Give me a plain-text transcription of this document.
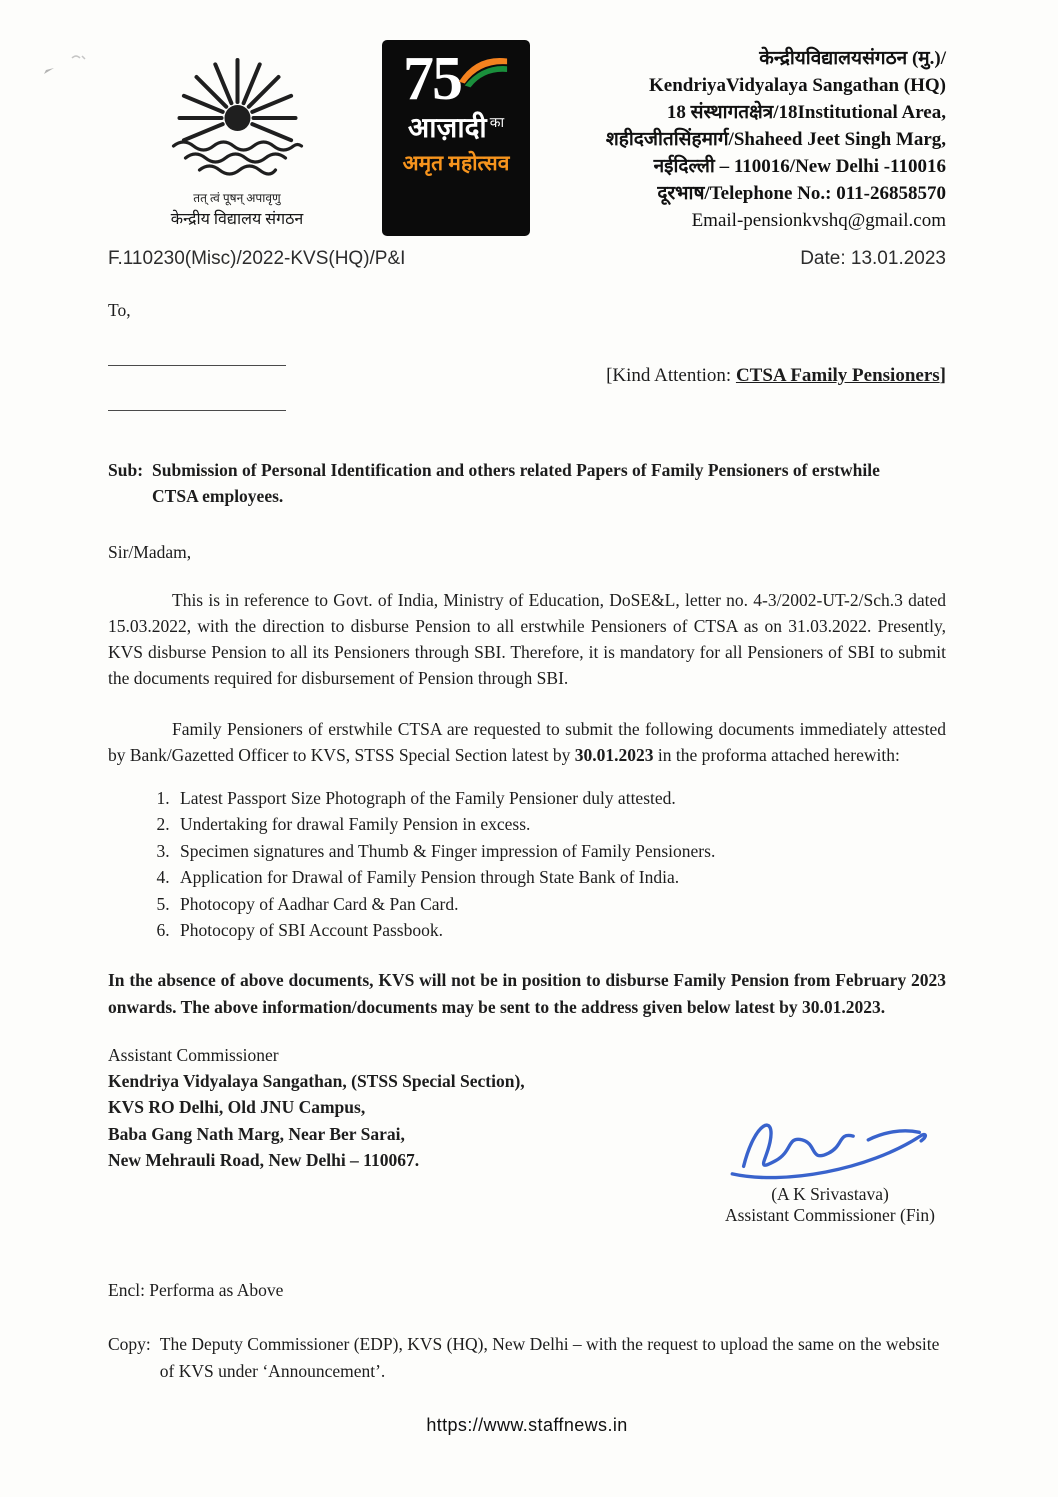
तत् त्वं पूषन् अपावृणु
केन्द्रीय विद्यालय संगठन
75
आज़ादी $^{का}$
अमृत महोत्सव
केन्द्रीयविद्यालयसंगठन (मु.)/
KendriyaVidyalaya Sangathan (HQ)
18 संस्थागतक्षेत्र/18Institutional Area,
शहीदजीतसिंहमार्ग/Shaheed Jeet Singh Marg,
नईदिल्ली – 110016/New Delhi -110016
दूरभाष/Telephone No.: 011-26858570
Email-pensionkvshq@gmail.com
F.110230(Misc)/2022-KVS(HQ)/P&I	Date: 13.01.2023
To,
[Kind Attention: CTSA Family Pensioners]
Sub: Submission of Personal Identification and others related Papers of Family Pensioners of erstwhile CTSA employees.
Sir/Madam,

This is in reference to Govt. of India, Ministry of Education, DoSE&L, letter no. 4-3/2002-UT-2/Sch.3 dated 15.03.2022, with the direction to disburse Pension to all erstwhile Pensioners of CTSA as on 31.03.2022. Presently, KVS disburse Pension to all its Pensioners through SBI. Therefore, it is mandatory for all Pensioners of SBI to submit the documents required for disbursement of Pension through SBI.

Family Pensioners of erstwhile CTSA are requested to submit the following documents immediately attested by Bank/Gazetted Officer to KVS, STSS Special Section latest by 30.01.2023 in the proforma attached herewith:

1. Latest Passport Size Photograph of the Family Pensioner duly attested.
2. Undertaking for drawal Family Pension in excess.
3. Specimen signatures and Thumb & Finger impression of Family Pensioners.
4. Application for Drawal of Family Pension through State Bank of India.
5. Photocopy of Aadhar Card & Pan Card.
6. Photocopy of SBI Account Passbook.

In the absence of above documents, KVS will not be in position to disburse Family Pension from February 2023 onwards. The above information/documents may be sent to the address given below latest by 30.01.2023.

Assistant Commissioner
Kendriya Vidyalaya Sangathan, (STSS Special Section),
KVS RO Delhi, Old JNU Campus,
Baba Gang Nath Marg, Near Ber Sarai,
New Mehrauli Road, New Delhi – 110067.
(A K Srivastava)
Assistant Commissioner (Fin)
Encl: Performa as Above
Copy: The Deputy Commissioner (EDP), KVS (HQ), New Delhi – with the request to upload the same on the website of KVS under ‘Announcement’.
https://www.staffnews.in
